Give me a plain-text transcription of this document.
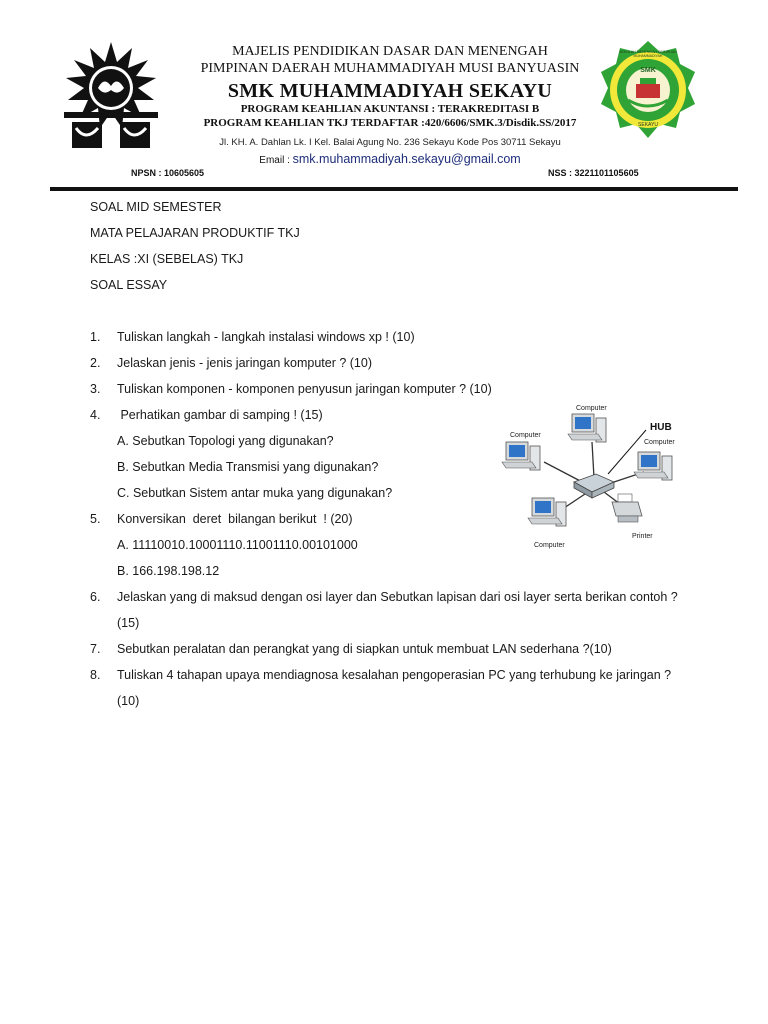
SMK
SEKOLAH MENENGAH KEJURUAN MUHAMMADIYAH
SEKAYU
MAJELIS PENDIDIKAN DASAR DAN MENENGAH
PIMPINAN DAERAH MUHAMMADIYAH MUSI BANYUASIN
SMK MUHAMMADIYAH SEKAYU
PROGRAM KEAHLIAN AKUNTANSI : TERAKREDITASI B
PROGRAM KEAHLIAN TKJ TERDAFTAR :420/6606/SMK.3/Disdik.SS/2017
Jl. KH. A. Dahlan Lk. I Kel. Balai Agung No. 236 Sekayu Kode Pos 30711 Sekayu
Email : smk.muhammadiyah.sekayu@gmail.com
NPSN : 10605605	NSS : 3221101105605
SOAL MID SEMESTER
MATA PELAJARAN PRODUKTIF TKJ
KELAS :XI (SEBELAS) TKJ
SOAL ESSAY
1. Tuliskan langkah - langkah instalasi windows xp ! (10)
2. Jelaskan jenis - jenis jaringan komputer ? (10)
3. Tuliskan komponen - komponen penyusun jaringan komputer ? (10)
4. Perhatikan gambar di samping ! (15)
A. Sebutkan Topologi yang digunakan?
B. Sebutkan Media Transmisi yang digunakan?
C. Sebutkan Sistem antar muka yang digunakan?
5. Konversikan  deret  bilangan berikut  ! (20)
A. 11110010.10001110.11001110.00101000
B. 166.198.198.12
6. Jelaskan yang di maksud dengan osi layer dan Sebutkan lapisan dari osi layer serta berikan contoh ?
(15)
7. Sebutkan peralatan dan perangkat yang di siapkan untuk membuat LAN sederhana ?(10)
8. Tuliskan 4 tahapan upaya mendiagnosa kesalahan pengoperasian PC yang terhubung ke jaringan ?
(10)
Computer
Computer
Computer
Computer
Printer
HUB
